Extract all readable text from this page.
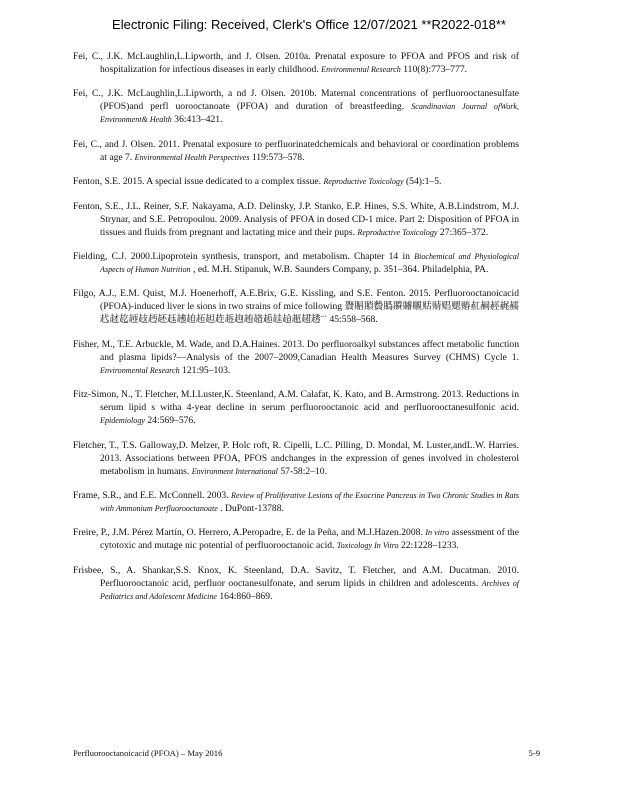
Electronic Filing: Received, Clerk's Office 12/07/2021 **R2022-018**

Fei, C., J.K. McLaughlin,L.Lipworth, and J. Olsen. 2010a. Prenatal exposure to PFOA and PFOS and risk of hospitalization for infectious diseases in early childhood. Environmental Research 110(8):773–777.

Fei, C., J.K. McLaughlin,L.Lipworth, a nd J. Olsen. 2010b. Maternal concentrations of perfluorooctanesulfate (PFOS)and perfl uorooctanoate (PFOA) and duration of breastfeeding. Scandinavian Journal ofWork, Environment& Health 36:413–421.

Fei, C., and J. Olsen. 2011. Prenatal exposure to perfluorinatedchemicals and behavioral or coordination problems at age 7. Environmental Health Perspectives 119:573–578.

Fenton, S.E. 2015. A special issue dedicated to a complex tissue. Reproductive Toxicology (54):1–5.

Fenton, S.E., J.L. Reiner, S.F. Nakayama, A.D. Delinsky, J.P. Stanko, E.P. Hines, S.S. White, A.B.Lindstrom, M.J. Strynar, and S.E. Petropoulou. 2009. Analysis of PFOA in dosed CD-1 mice. Part 2: Disposition of PFOA in tissues and fluids from pregnant and lactating mice and their pups. Reproductive Toxicology 27:365–372.

Fielding, C.J. 2000.Lipoprotein synthesis, transport, and metabolism. Chapter 14 in Biochemical and Physiological Aspects of Human Nutrition , ed. M.H. Stipanuk, W.B. Saunders Company, p. 351–364. Philadelphia, PA.

Filgo, A.J., E.M. Quist, M.J. Hoenerhoff, A.E.Brix, G.E. Kissling, and S.E. Fenton. 2015. Perfluorooctanoicacid (PFOA)-induced liver le sions in two strains of mice following 䞄䞅䞆䞇䞈䞉䞊䞋䞌䞍䞎䞏䞐䞑䞒䞓䞔䞕䞖䞗䞘䞙䞚䞛䞜䞝䞞䞟䞠䞡䞢䞣䞤䞥䞦䞧䞨䞩䞪䞫䞬¨` 45:558–568.

Fisher, M., T.E. Arbuckle, M. Wade, and D.A.Haines. 2013. Do perfluoroalkyl substances affect metabolic function and plasma lipids?—Analysis of the 2007–2009,Canadian Health Measures Survey (CHMS) Cycle 1. Environmental Research 121:95–103.

Fitz-Simon, N., T. Fletcher, M.I.Luster,K. Steenland, A.M. Calafat, K. Kato, and B. Armstrong. 2013. Reductions in serum lipid s witha 4-year decline in serum perfluorooctanoic acid and perfluorooctanesulfonic acid. Epidemiology 24:569–576.

Fletcher, T., T.S. Galloway,D. Melzer, P. Holc roft, R. Cipelli, L.C. Pilling, D. Mondal, M. Luster,andL.W. Harries. 2013. Associations between PFOA, PFOS andchanges in the expression of genes involved in cholesterol metabolism in humans. Environment International 57-58:2–10.

Frame, S.R., and E.E. McConnell. 2003. Review of Proliferative Lesions of the Exocrine Pancreas in Two Chronic Studies in Rats with Ammonium Perfluorooctanoate . DuPont-13788.

Freire, P., J.M. Pérez Martín, O. Herrero, A.Peropadre, E. de la Peña, and M.J.Hazen.2008. In vitro assessment of the cytotoxic and mutage nic potential of perfluorooctanoic acid. Toxicology In Vitro 22:1228–1233.

Frisbee, S., A. Shankar,S.S. Knox, K. Steenland, D.A. Savitz, T. Fletcher, and A.M. Ducatman. 2010. Perfluorooctanoic acid, perfluor ooctanesulfonate, and serum lipids in children and adolescents. Archives of Pediatrics and Adolescent Medicine 164:860–869.

Perfluorooctanoicacid (PFOA) – May 2016	5-9
